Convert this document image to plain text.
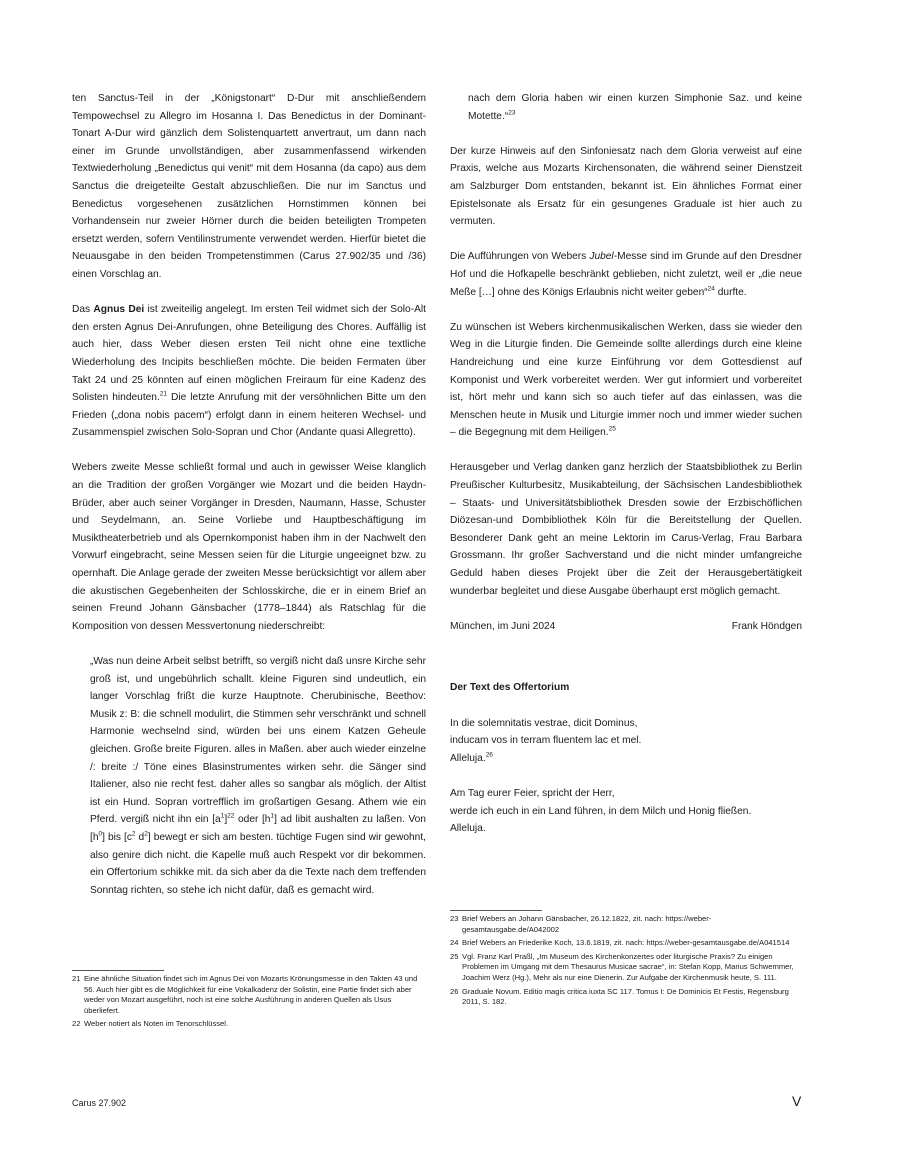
ten Sanctus-Teil in der „Königstonart“ D-Dur mit anschließendem Tempowechsel zu Allegro im Hosanna I. Das Benedictus in der Dominant-Tonart A-Dur wird gänzlich dem Solistenquartett anvertraut, um dann nach einer im Grunde unvollständigen, aber zusammenfassend wirkenden Textwiederholung „Benedictus qui venit“ mit dem Hosanna (da capo) aus dem Sanctus die dreigeteilte Gestalt abzuschließen. Die nur im Sanctus und Benedictus vorgesehenen zusätzlichen Hornstimmen können bei Vorhandensein nur zweier Hörner durch die beiden beteiligten Trompeten ersetzt werden, sofern Ventilinstrumente verwendet werden. Hierfür bietet die Neuausgabe in den beiden Trompetenstimmen (Carus 27.902/35 und /36) einen Vorschlag an.

Das Agnus Dei ist zweiteilig angelegt. Im ersten Teil widmet sich der Solo-Alt den ersten Agnus Dei-Anrufungen, ohne Beteiligung des Chores. Auffällig ist auch hier, dass Weber diesen ersten Teil nicht ohne eine textliche Wiederholung des Incipits beschließen möchte. Die beiden Fermaten über Takt 24 und 25 könnten auf einen möglichen Freiraum für eine Kadenz des Solisten hindeuten.$^{21}$ Die letzte Anrufung mit der versöhnlichen Bitte um den Frieden („dona nobis pacem“) erfolgt dann in einem heiteren Wechsel- und Zusammenspiel zwischen Solo-Sopran und Chor (Andante quasi Allegretto).

Webers zweite Messe schließt formal und auch in gewisser Weise klanglich an die Tradition der großen Vorgänger wie Mozart und die beiden Haydn-Brüder, aber auch seiner Vorgänger in Dresden, Naumann, Hasse, Schuster und Seydelmann, an. Seine Vorliebe und Hauptbeschäftigung im Musiktheaterbetrieb und als Opernkomponist haben ihm in der Nachwelt den Vorwurf eingebracht, seine Messen seien für die Liturgie ungeeignet bzw. zu opernhaft. Die Anlage gerade der zweiten Messe berücksichtigt vor allem aber die akustischen Gegebenheiten der Schlosskirche, die er in einem Brief an seinen Freund Johann Gänsbacher (1778–1844) als Ratschlag für die Komposition von dessen Messvertonung niederschreibt:

„Was nun deine Arbeit selbst betrifft, so vergiß nicht daß unsre Kirche sehr groß ist, und ungebührlich schallt. kleine Figuren sind undeutlich, ein langer Vorschlag frißt die kurze Hauptnote. Cherubinische, Beethov: Musik z: B: die schnell modulirt, die Stimmen sehr verschränkt und schnell Harmonie wechselnd sind, würden bei uns einem Katzen Geheule gleichen. Große breite Figuren. alles in Maßen. aber auch wieder einzelne /: breite :/ Töne eines Blasinstrumentes wirken sehr. die Sänger sind Italiener, also nie recht fest. daher alles so sangbar als möglich. der Altist ist ein Hund. Sopran vortrefflich im großartigen Gesang. Athem wie ein Pferd. vergiß nicht ihn ein $[a^1]^{22}$ oder $[h^1]$ ad libit aushalten zu laßen. Von $[h^0]$ bis [$c^2$ $d^2$] bewegt er sich am besten. tüchtige Fugen sind wir gewohnt, also genire dich nicht. die Kapelle muß auch Respekt vor dir bekommen. ein Offertorium schikke mit. da sich aber da die Texte nach dem treffenden Sonntag richten, so stehe ich nicht dafür, daß es gemacht wird.

nach dem Gloria haben wir einen kurzen Simphonie Saz. und keine Motette.“$^{23}$

Der kurze Hinweis auf den Sinfoniesatz nach dem Gloria verweist auf eine Praxis, welche aus Mozarts Kirchensonaten, die während seiner Dienstzeit am Salzburger Dom entstanden, bekannt ist. Ein ähnliches Format einer Epistelsonate als Ersatz für ein gesungenes Graduale ist hier auch zu vermuten.

Die Aufführungen von Webers Jubel-Messe sind im Grunde auf den Dresdner Hof und die Hofkapelle beschränkt geblieben, nicht zuletzt, weil er „die neue Meße […] ohne des Königs Erlaubnis nicht weiter geben“$^{24}$ durfte.

Zu wünschen ist Webers kirchenmusikalischen Werken, dass sie wieder den Weg in die Liturgie finden. Die Gemeinde sollte allerdings durch eine kleine Handreichung und eine kurze Einführung vor dem Gottesdienst auf Komponist und Werk vorbereitet werden. Wer gut informiert und vorbereitet ist, hört mehr und kann sich so auch tiefer auf das einlassen, was die Menschen heute in Musik und Liturgie immer noch und immer wieder suchen – die Begegnung mit dem Heiligen.$^{25}$

Herausgeber und Verlag danken ganz herzlich der Staatsbibliothek zu Berlin Preußischer Kulturbesitz, Musikabteilung, der Sächsischen Landesbibliothek – Staats- und Universitätsbibliothek Dresden sowie der Erzbischöflichen Diözesan-und Dombibliothek Köln für die Bereitstellung der Quellen. Besonderer Dank geht an meine Lektorin im Carus-Verlag, Frau Barbara Grossmann. Ihr großer Sachverstand und die nicht minder umfangreiche Geduld haben dieses Projekt über die Zeit der Herausgebertätigkeit wunderbar begleitet und diese Ausgabe überhaupt erst möglich gemacht.

München, im Juni 2024	Frank Höndgen
Der Text des Offertorium
In die solemnitatis vestrae, dicit Dominus,
inducam vos in terram fluentem lac et mel.
Alleluja.$^{26}$
Am Tag eurer Feier, spricht der Herr,
werde ich euch in ein Land führen, in dem Milch und Honig fließen.
Alleluja.
21 Eine ähnliche Situation findet sich im Agnus Dei von Mozarts Krönungsmesse in den Takten 43 und 56. Auch hier gibt es die Möglichkeit für eine Vokalkadenz der Solistin, eine Partie findet sich aber weder von Mozart ausgeführt, noch ist eine solche Ausführung in anderen Quellen als Usus überliefert.
22 Weber notiert als Noten im Tenorschlüssel.
23 Brief Webers an Johann Gänsbacher, 26.12.1822, zit. nach: https://weber-gesamtausgabe.de/A042002
24 Brief Webers an Friederike Koch, 13.6.1819, zit. nach: https://weber-gesamtausgabe.de/A041514
25 Vgl. Franz Karl Praßl, „Im Museum des Kirchenkonzertes oder liturgische Praxis? Zu einigen Problemen im Umgang mit dem Thesaurus Musicae sacrae“, in: Stefan Kopp, Marius Schwemmer, Joachim Werz (Hg.), Mehr als nur eine Dienerin. Zur Aufgabe der Kirchenmusik heute, S. 111.
26 Graduale Novum. Editio magis critica iuxta SC 117. Tomus I: De Dominicis Et Festis, Regensburg 2011, S. 182.
Carus 27.902	V
